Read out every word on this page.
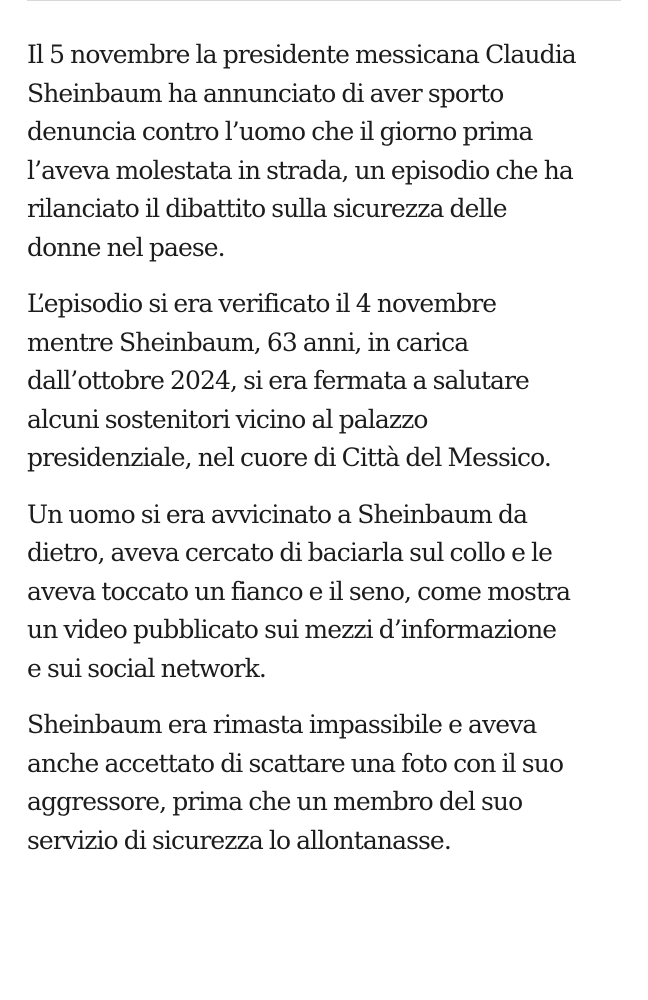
Il 5 novembre la presidente messicana Claudia
Sheinbaum ha annunciato di aver sporto
denuncia contro l’uomo che il giorno prima
l’aveva molestata in strada, un episodio che ha
rilanciato il dibattito sulla sicurezza delle
donne nel paese.

L’episodio si era verificato il 4 novembre
mentre Sheinbaum, 63 anni, in carica
dall’ottobre 2024, si era fermata a salutare
alcuni sostenitori vicino al palazzo
presidenziale, nel cuore di Città del Messico.

Un uomo si era avvicinato a Sheinbaum da
dietro, aveva cercato di baciarla sul collo e le
aveva toccato un fianco e il seno, come mostra
un video pubblicato sui mezzi d’informazione
e sui social network.

Sheinbaum era rimasta impassibile e aveva
anche accettato di scattare una foto con il suo
aggressore, prima che un membro del suo
servizio di sicurezza lo allontanasse.
